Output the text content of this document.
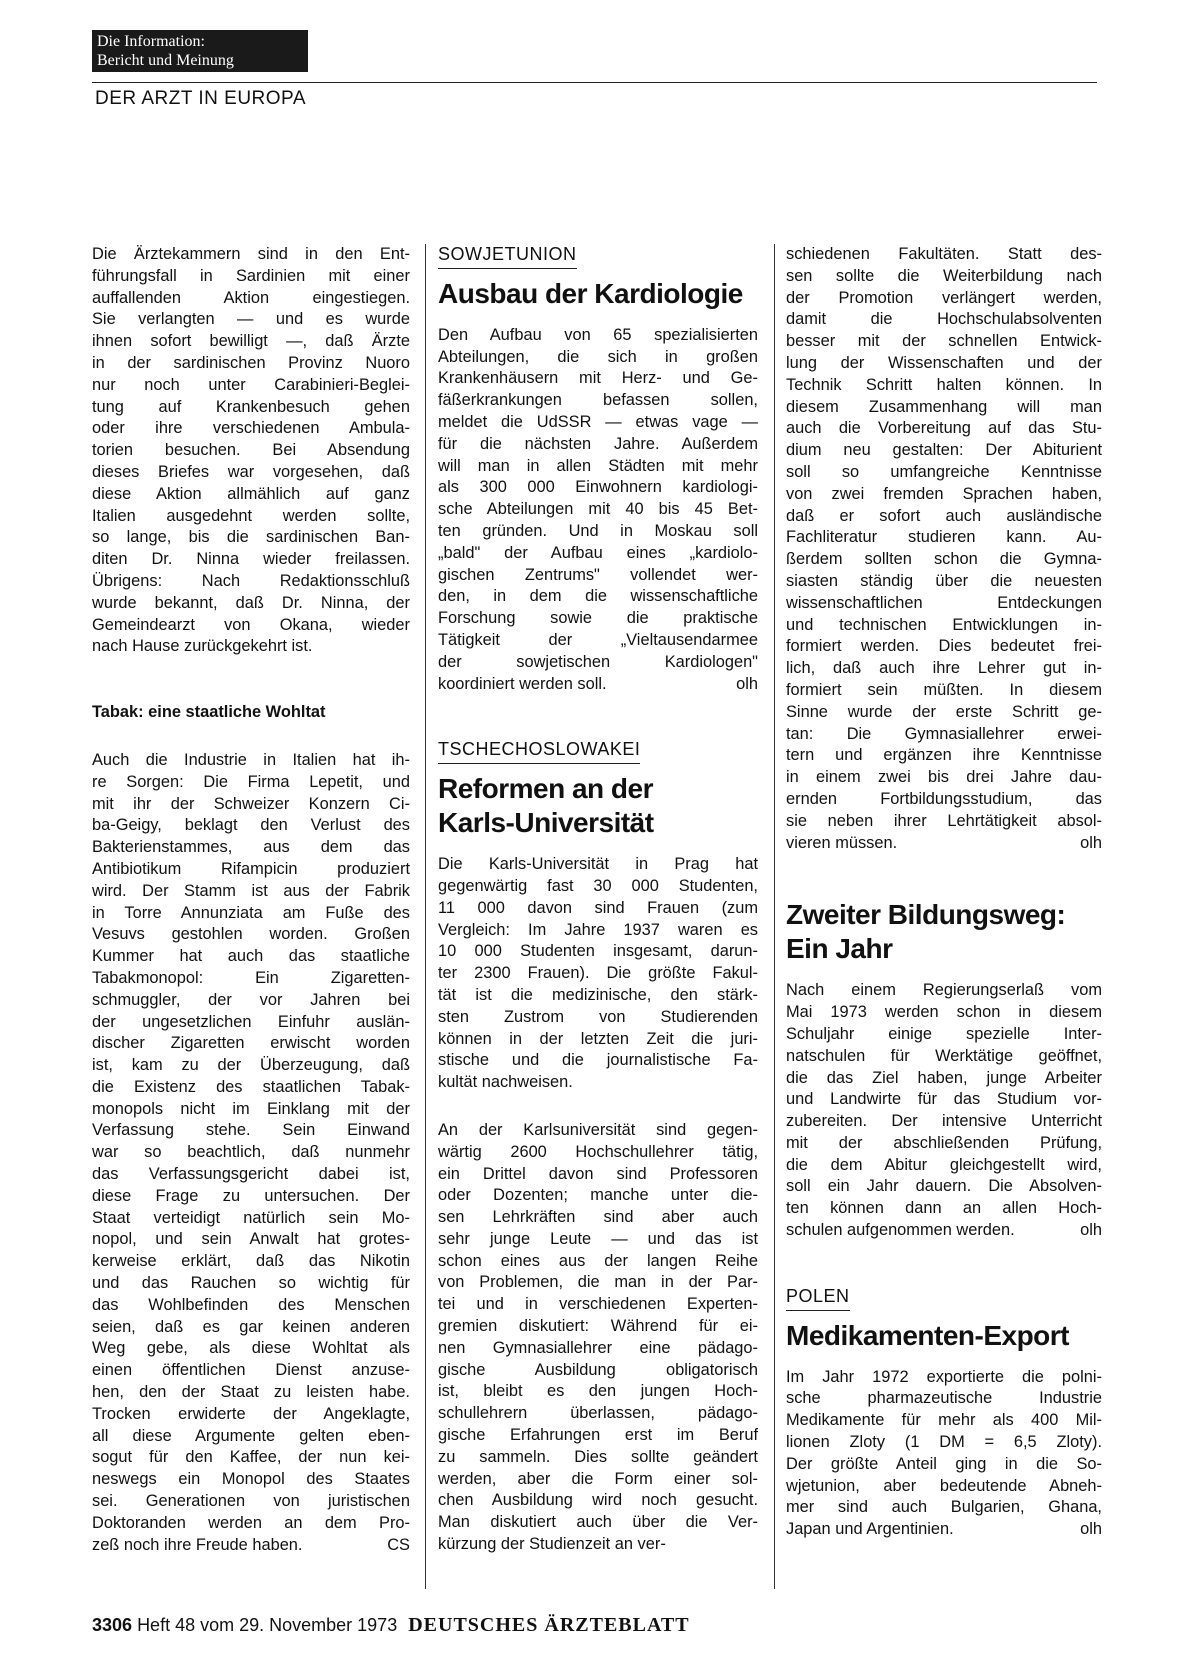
Die Information:
Bericht und Meinung
DER ARZT IN EUROPA
Die Ärztekammern sind in den Ent-
führungsfall in Sardinien mit einer
auffallenden Aktion eingestiegen.
Sie verlangten — und es wurde
ihnen sofort bewilligt —, daß Ärzte
in der sardinischen Provinz Nuoro
nur noch unter Carabinieri-Beglei-
tung auf Krankenbesuch gehen
oder ihre verschiedenen Ambula-
torien besuchen. Bei Absendung
dieses Briefes war vorgesehen, daß
diese Aktion allmählich auf ganz
Italien ausgedehnt werden sollte,
so lange, bis die sardinischen Ban-
diten Dr. Ninna wieder freilassen.
Übrigens: Nach Redaktionsschluß
wurde bekannt, daß Dr. Ninna, der
Gemeindearzt von Okana, wieder
nach Hause zurückgekehrt ist.
Tabak: eine staatliche Wohltat
Auch die Industrie in Italien hat ih-
re Sorgen: Die Firma Lepetit, und
mit ihr der Schweizer Konzern Ci-
ba-Geigy, beklagt den Verlust des
Bakterienstammes, aus dem das
Antibiotikum Rifampicin produziert
wird. Der Stamm ist aus der Fabrik
in Torre Annunziata am Fuße des
Vesuvs gestohlen worden. Großen
Kummer hat auch das staatliche
Tabakmonopol: Ein Zigaretten-
schmuggler, der vor Jahren bei
der ungesetzlichen Einfuhr auslän-
discher Zigaretten erwischt worden
ist, kam zu der Überzeugung, daß
die Existenz des staatlichen Tabak-
monopols nicht im Einklang mit der
Verfassung stehe. Sein Einwand
war so beachtlich, daß nunmehr
das Verfassungsgericht dabei ist,
diese Frage zu untersuchen. Der
Staat verteidigt natürlich sein Mo-
nopol, und sein Anwalt hat grotes-
kerweise erklärt, daß das Nikotin
und das Rauchen so wichtig für
das Wohlbefinden des Menschen
seien, daß es gar keinen anderen
Weg gebe, als diese Wohltat als
einen öffentlichen Dienst anzuse-
hen, den der Staat zu leisten habe.
Trocken erwiderte der Angeklagte,
all diese Argumente gelten eben-
sogut für den Kaffee, der nun kei-
neswegs ein Monopol des Staates
sei. Generationen von juristischen
Doktoranden werden an dem Pro-
zeß noch ihre Freude haben.	CS
SOWJETUNION
Ausbau der Kardiologie
Den Aufbau von 65 spezialisierten
Abteilungen, die sich in großen
Krankenhäusern mit Herz- und Ge-
fäßerkrankungen befassen sollen,
meldet die UdSSR — etwas vage —
für die nächsten Jahre. Außerdem
will man in allen Städten mit mehr
als 300 000 Einwohnern kardiologi-
sche Abteilungen mit 40 bis 45 Bet-
ten gründen. Und in Moskau soll
„bald" der Aufbau eines „kardiolo-
gischen Zentrums" vollendet wer-
den, in dem die wissenschaftliche
Forschung sowie die praktische
Tätigkeit der „Vieltausendarmee
der sowjetischen Kardiologen"
koordiniert werden soll.	olh
TSCHECHOSLOWAKEI
Reformen an der
Karls-Universität
Die Karls-Universität in Prag hat
gegenwärtig fast 30 000 Studenten,
11 000 davon sind Frauen (zum
Vergleich: Im Jahre 1937 waren es
10 000 Studenten insgesamt, darun-
ter 2300 Frauen). Die größte Fakul-
tät ist die medizinische, den stärk-
sten Zustrom von Studierenden
können in der letzten Zeit die juri-
stische und die journalistische Fa-
kultät nachweisen.
An der Karlsuniversität sind gegen-
wärtig 2600 Hochschullehrer tätig,
ein Drittel davon sind Professoren
oder Dozenten; manche unter die-
sen Lehrkräften sind aber auch
sehr junge Leute — und das ist
schon eines aus der langen Reihe
von Problemen, die man in der Par-
tei und in verschiedenen Experten-
gremien diskutiert: Während für ei-
nen Gymnasiallehrer eine pädago-
gische Ausbildung obligatorisch
ist, bleibt es den jungen Hoch-
schullehrern überlassen, pädago-
gische Erfahrungen erst im Beruf
zu sammeln. Dies sollte geändert
werden, aber die Form einer sol-
chen Ausbildung wird noch gesucht.
Man diskutiert auch über die Ver-
kürzung der Studienzeit an ver-
schiedenen Fakultäten. Statt des-
sen sollte die Weiterbildung nach
der Promotion verlängert werden,
damit die Hochschulabsolventen
besser mit der schnellen Entwick-
lung der Wissenschaften und der
Technik Schritt halten können. In
diesem Zusammenhang will man
auch die Vorbereitung auf das Stu-
dium neu gestalten: Der Abiturient
soll so umfangreiche Kenntnisse
von zwei fremden Sprachen haben,
daß er sofort auch ausländische
Fachliteratur studieren kann. Au-
ßerdem sollten schon die Gymna-
siasten ständig über die neuesten
wissenschaftlichen Entdeckungen
und technischen Entwicklungen in-
formiert werden. Dies bedeutet frei-
lich, daß auch ihre Lehrer gut in-
formiert sein müßten. In diesem
Sinne wurde der erste Schritt ge-
tan: Die Gymnasiallehrer erwei-
tern und ergänzen ihre Kenntnisse
in einem zwei bis drei Jahre dau-
ernden Fortbildungsstudium, das
sie neben ihrer Lehrtätigkeit absol-
vieren müssen.	olh
Zweiter Bildungsweg:
Ein Jahr
Nach einem Regierungserlaß vom
Mai 1973 werden schon in diesem
Schuljahr einige spezielle Inter-
natschulen für Werktätige geöffnet,
die das Ziel haben, junge Arbeiter
und Landwirte für das Studium vor-
zubereiten. Der intensive Unterricht
mit der abschließenden Prüfung,
die dem Abitur gleichgestellt wird,
soll ein Jahr dauern. Die Absolven-
ten können dann an allen Hoch-
schulen aufgenommen werden.	olh
POLEN
Medikamenten-Export
Im Jahr 1972 exportierte die polni-
sche pharmazeutische Industrie
Medikamente für mehr als 400 Mil-
lionen Zloty (1 DM = 6,5 Zloty).
Der größte Anteil ging in die So-
wjetunion, aber bedeutende Abneh-
mer sind auch Bulgarien, Ghana,
Japan und Argentinien.	olh
3306 Heft 48 vom 29. November 1973 DEUTSCHES ÄRZTEBLATT
